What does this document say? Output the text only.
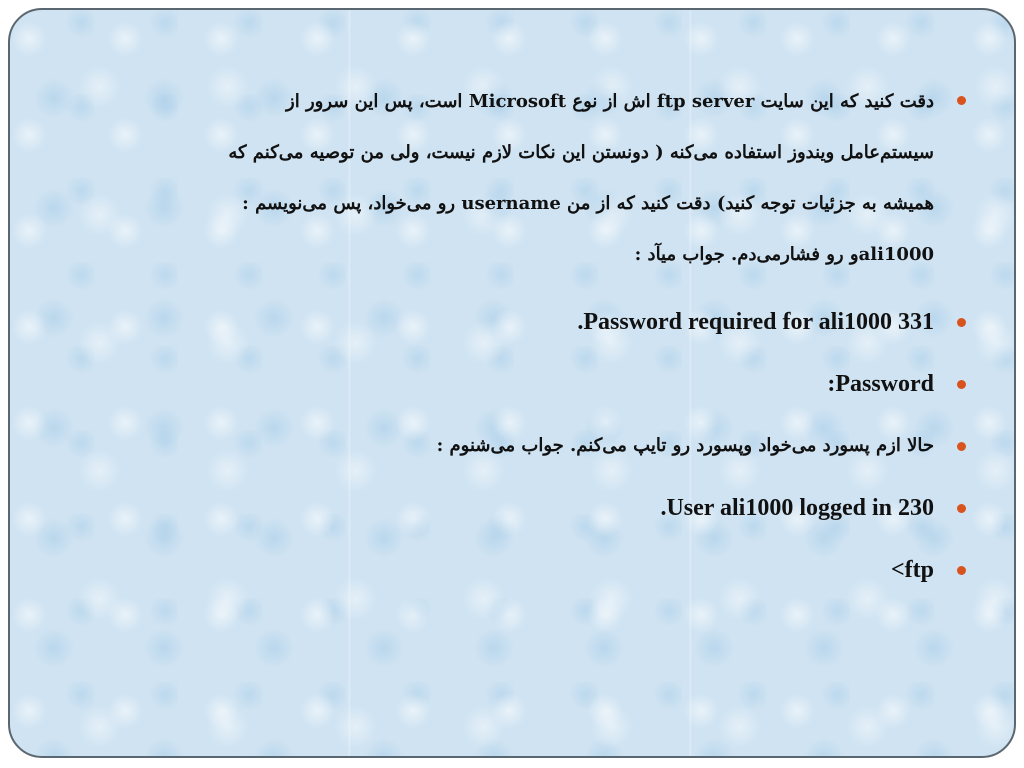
دقت کنید که این سایت ftp server اش از نوع Microsoft است، پس این سرور از
سیستم‌عامل ویندوز استفاده می‌کنه ( دونستن این نکات لازم نیست، ولی من توصیه می‌کنم که
همیشه به جزئیات توجه کنید) دقت کنید که از من username رو می‌خواد، پس می‌نویسم :
ali1000و رو فشارمی‌دم. جواب میآد :

331 Password required for ali1000.

Password:

حالا ازم پسورد می‌خواد وپسورد رو تایپ می‌کنم. جواب می‌شنوم :

230 User ali1000 logged in.

ftp>
